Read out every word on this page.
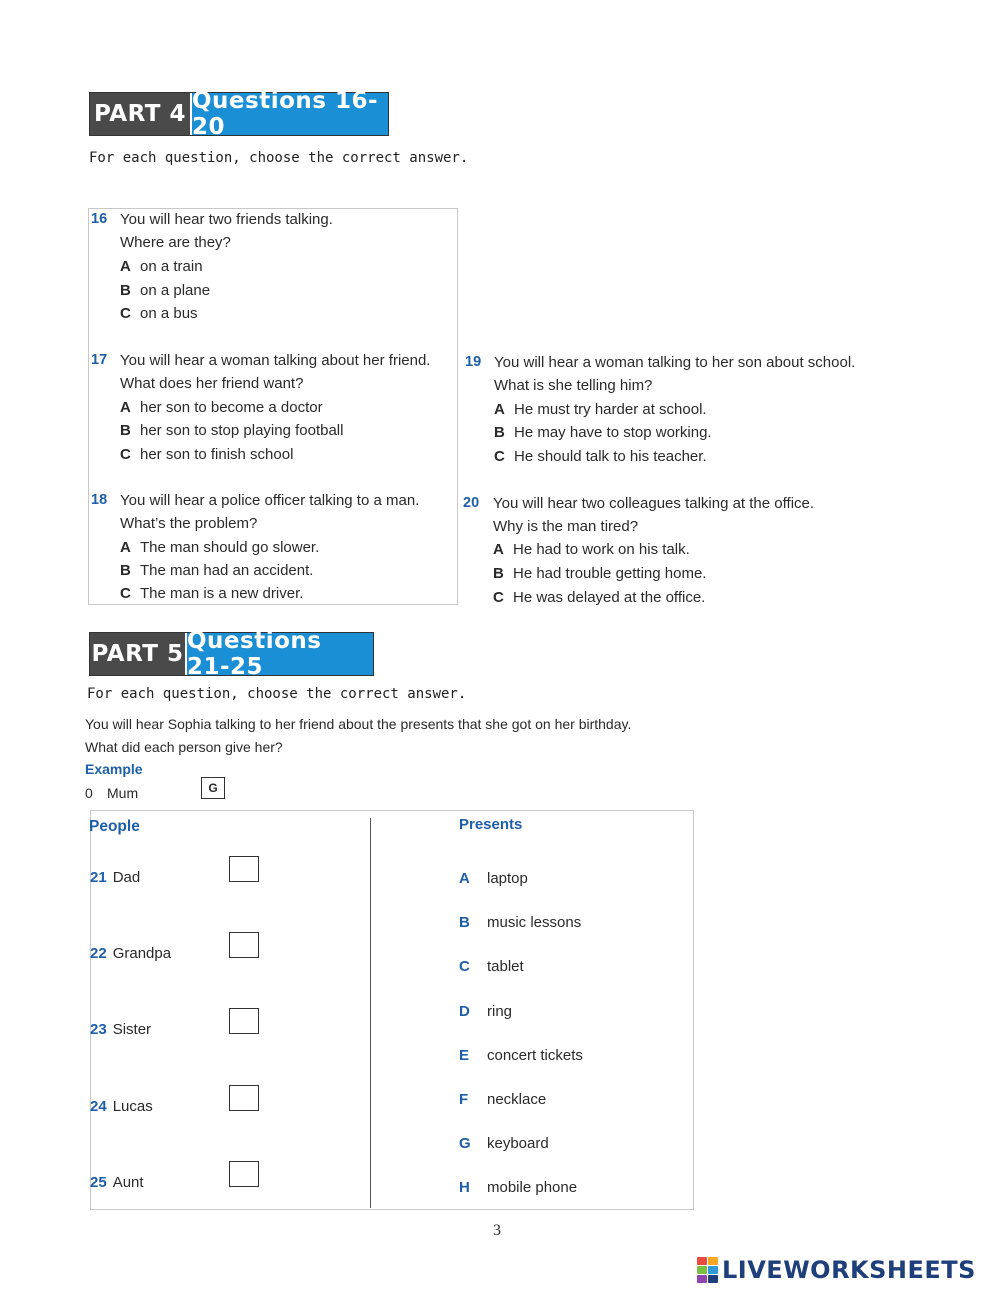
PART 4 Questions 16-20
For each question, choose the correct answer.
16 You will hear two friends talking.
Where are they?
A on a train
B on a plane
C on a bus
17 You will hear a woman talking about her friend.
What does her friend want?
A her son to become a doctor
B her son to stop playing football
C her son to finish school
18 You will hear a police officer talking to a man.
What’s the problem?
A The man should go slower.
B The man had an accident.
C The man is a new driver.
19 You will hear a woman talking to her son about school.
What is she telling him?
A He must try harder at school.
B He may have to stop working.
C He should talk to his teacher.
20 You will hear two colleagues talking at the office.
Why is the man tired?
A He had to work on his talk.
B He had trouble getting home.
C He was delayed at the office.
PART 5 Questions 21-25
For each question, choose the correct answer.
You will hear Sophia talking to her friend about the presents that she got on her birthday.
What did each person give her?
Example
0 Mum	G
People	Presents
21 Dad
22 Grandpa
23 Sister
24 Lucas
25 Aunt
A laptop
B music lessons
C tablet
D ring
E concert tickets
F necklace
G keyboard
H mobile phone
3
LIVEWORKSHEETS
